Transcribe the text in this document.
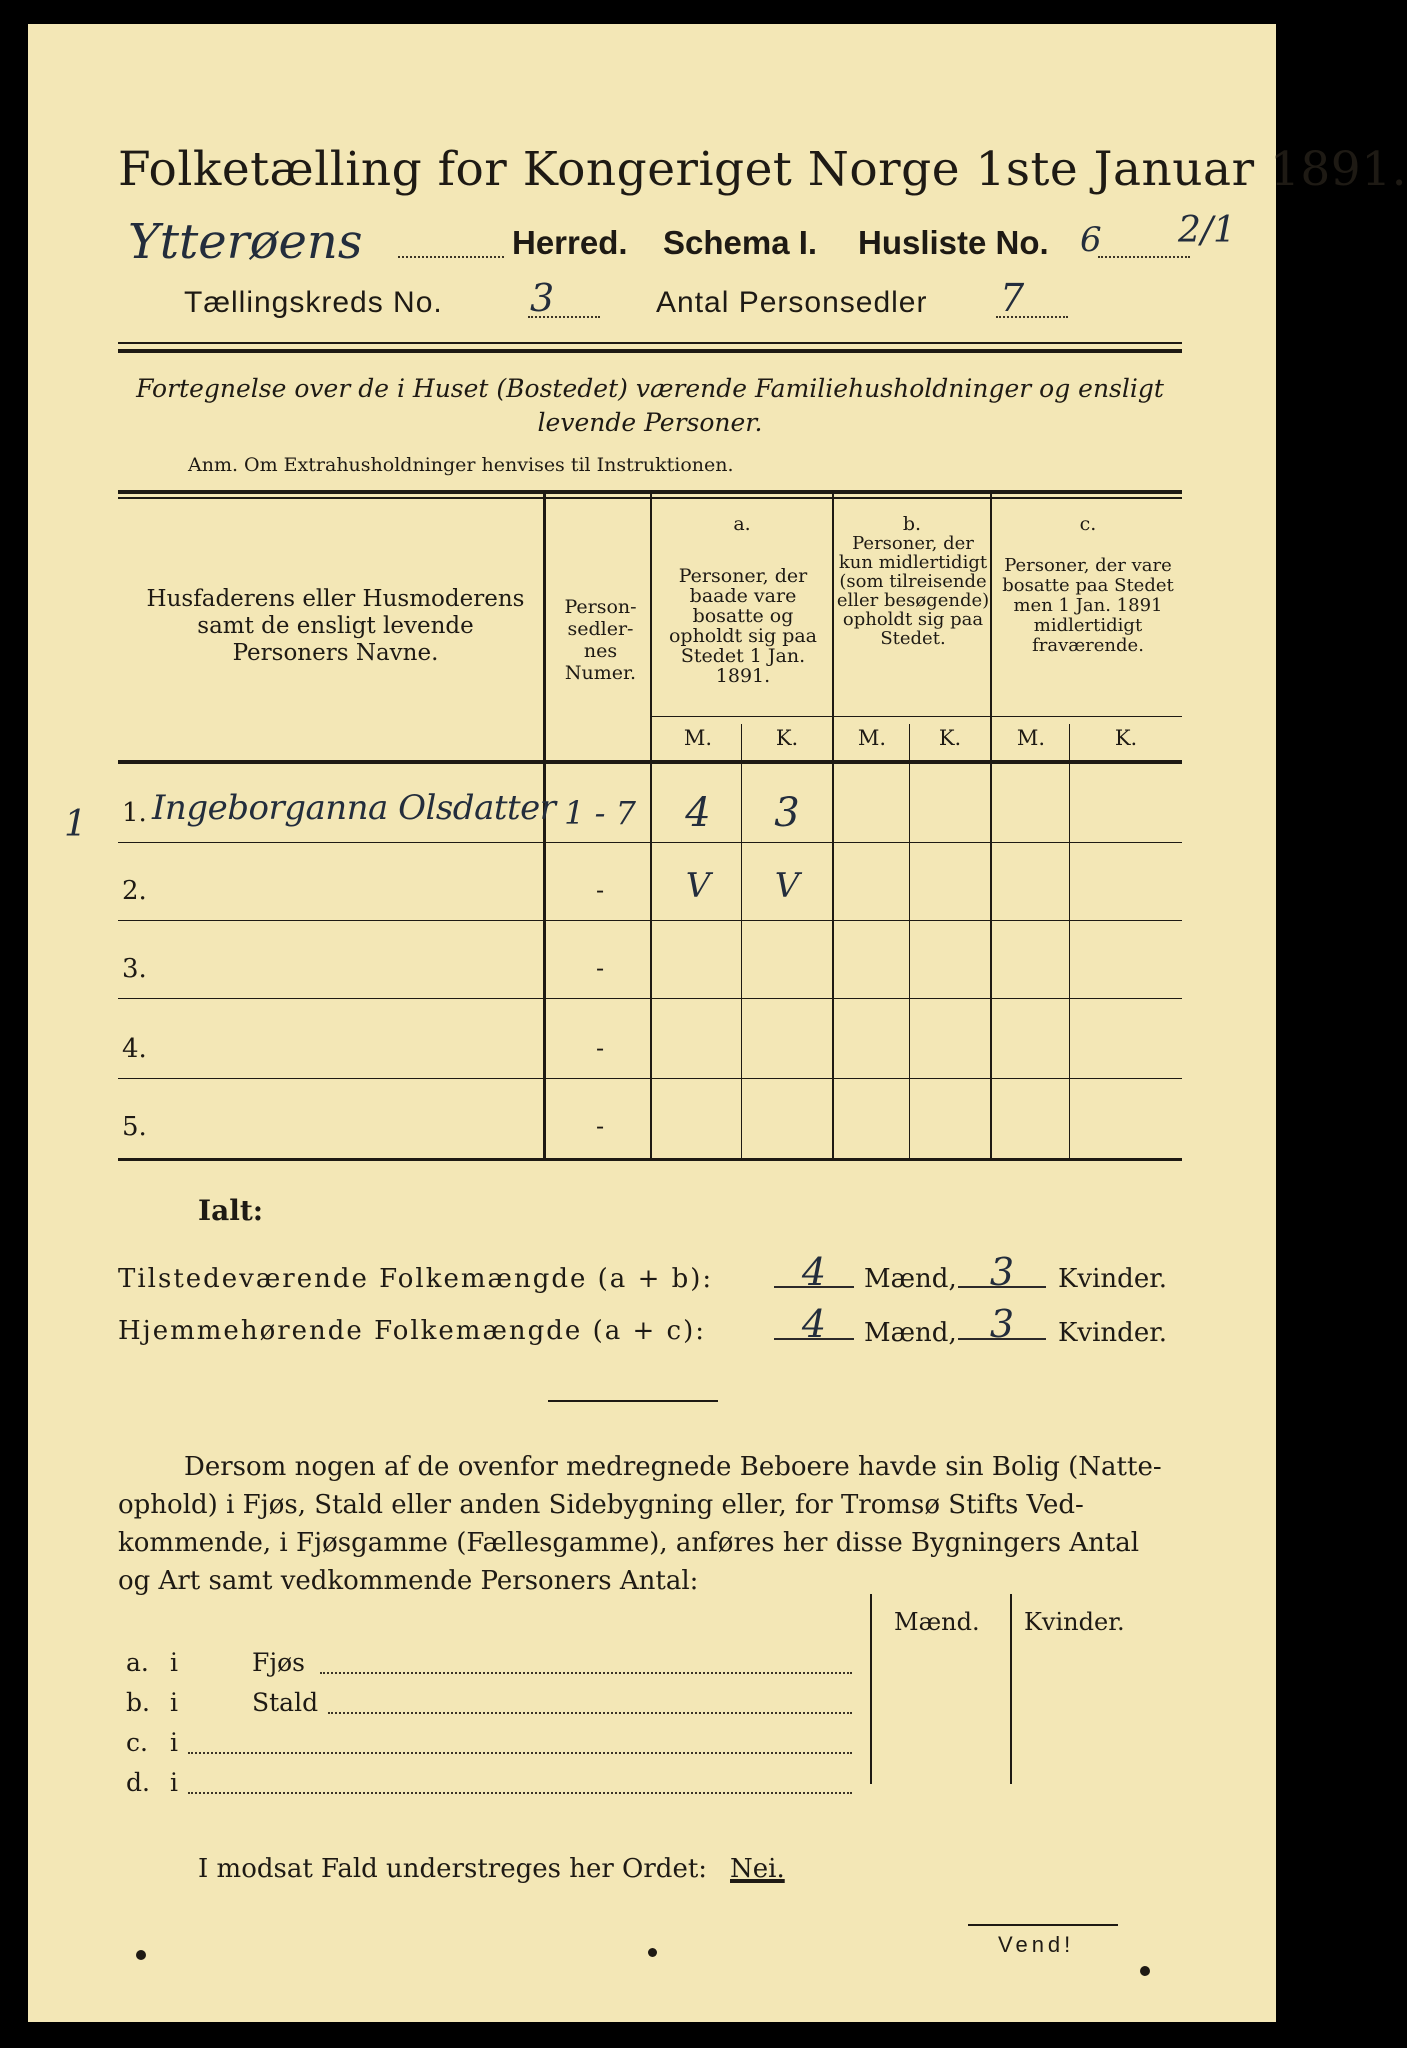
Folketælling for Kongeriget Norge 1ste Januar 1891.
Ytterøens	Herred. Schema I. Husliste No. 6 2/1
Tællingskreds No. 3	Antal Personsedler 7
Fortegnelse over de i Huset (Bostedet) værende Familiehusholdninger og ensligt
levende Personer.
Anm. Om Extrahusholdninger henvises til Instruktionen.
Husfaderens eller Husmoderens samt de ensligt levende Personers Navne.
Person-sedler-nes Numer.
a.
Personer, der baade vare bosatte og opholdt sig paa Stedet 1 Jan. 1891.
b.
Personer, der kun midlertidigt (som tilreisende eller besøgende) opholdt sig paa Stedet.
c.
Personer, der vare bosatte paa Stedet men 1 Jan. 1891 midlertidigt fraværende.
M.	K.	M.	K.	M.	K.
1 1. Ingeborganna Olsdatter 1 - 7	4	3
2.	-	V	V
3.	-
4.	-
5.	-
Ialt:
Tilstedeværende Folkemængde (a + b):	4	Mænd, 3	Kvinder.
Hjemmehørende Folkemængde (a + c):	4	Mænd, 3	Kvinder.
Dersom nogen af de ovenfor medregnede Beboere havde sin Bolig (Natte-
ophold) i Fjøs, Stald eller anden Sidebygning eller, for Tromsø Stifts Ved-
kommende, i Fjøsgamme (Fællesgamme), anføres her disse Bygningers Antal
og Art samt vedkommende Personers Antal:
Mænd. Kvinder.
a. i	Fjøs
b. i	Stald
c. i
d. i
I modsat Fald understreges her Ordet: Nei.
Vend!
